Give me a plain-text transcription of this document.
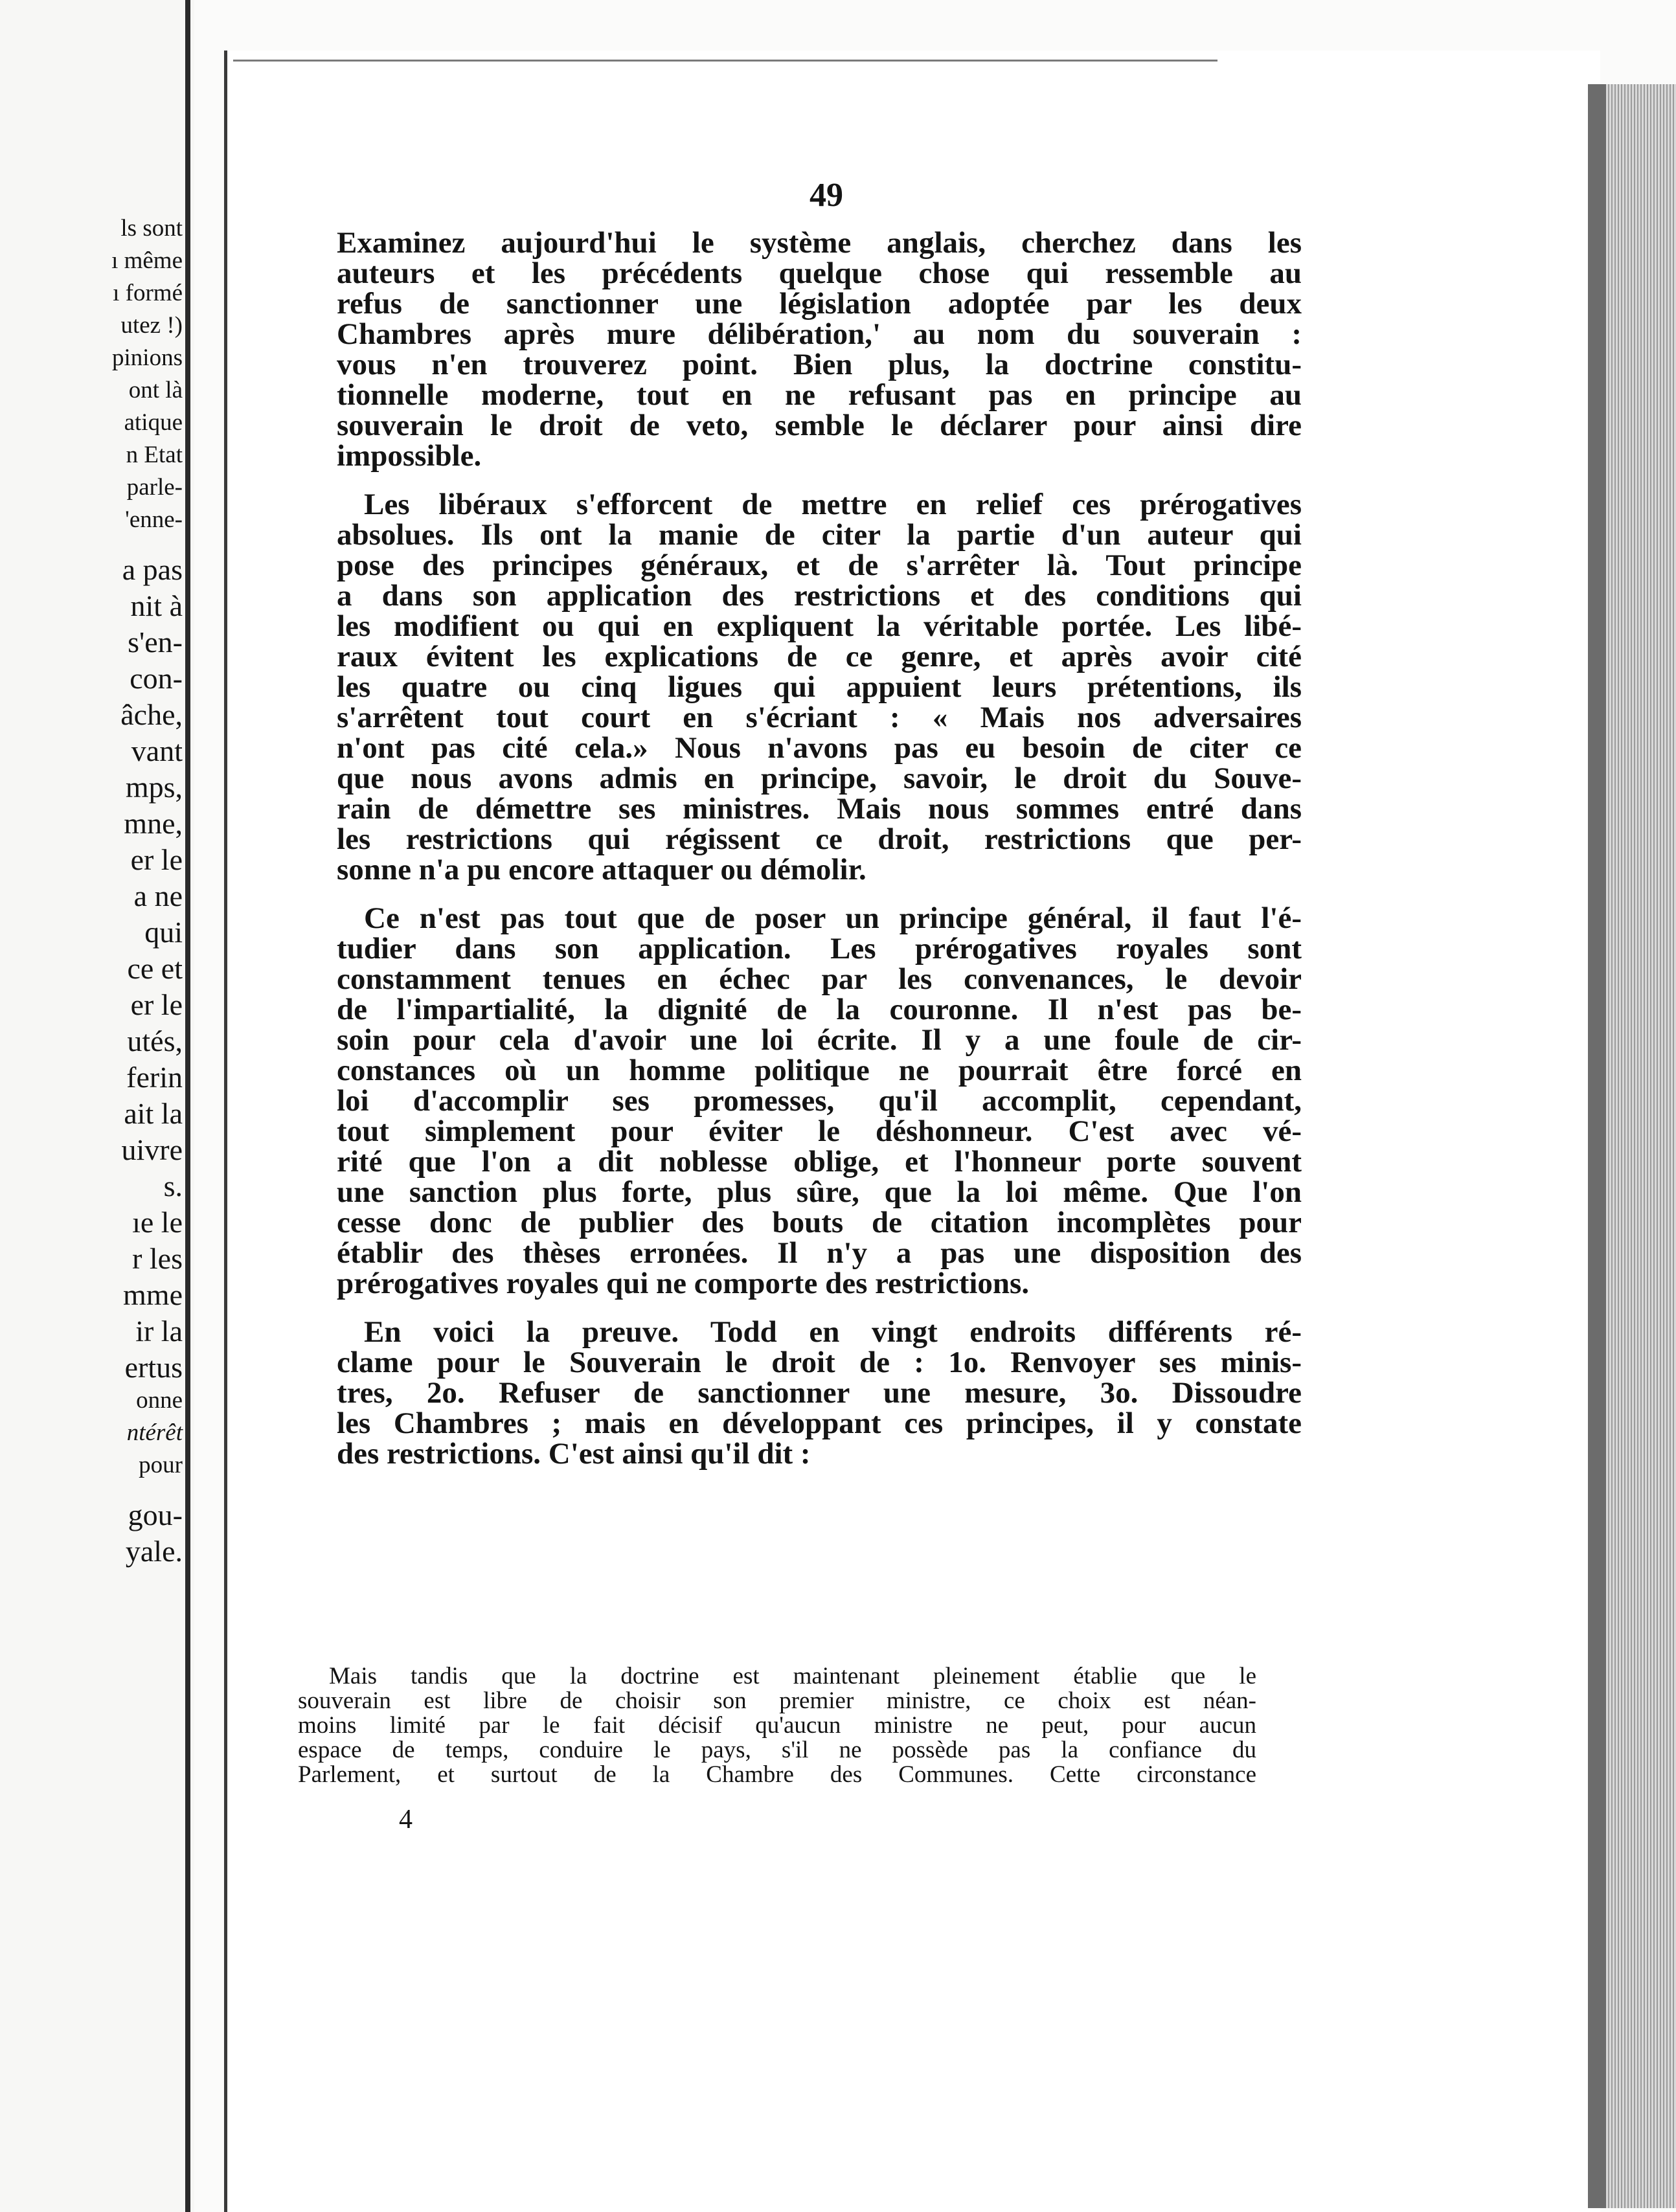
ls sont
ı même
ı formé
utez !)
pinions
ont là
atique
n Etat
parle-
'enne-
a pas
nit à
s'en-
con-
âche,
vant
mps,
mne,
er le
a ne
qui
ce et
er le
utés,
ferin
ait la
uivre
s.
ıe le
r les
mme
ir la
ertus
onne
ntérêt
pour
gou-
yale.
49

Examinez aujourd'hui le système anglais, cherchez dans les
auteurs et les précédents quelque chose qui ressemble au
refus de sanctionner une législation adoptée par les deux
Chambres après mure délibération,' au nom du souverain :
vous n'en trouverez point. Bien plus, la doctrine constitu-
tionnelle moderne, tout en ne refusant pas en principe au
souverain le droit de veto, semble le déclarer pour ainsi dire
impossible.

Les libéraux s'efforcent de mettre en relief ces prérogatives
absolues. Ils ont la manie de citer la partie d'un auteur qui
pose des principes généraux, et de s'arrêter là. Tout principe
a dans son application des restrictions et des conditions qui
les modifient ou qui en expliquent la véritable portée. Les libé-
raux évitent les explications de ce genre, et après avoir cité
les quatre ou cinq ligues qui appuient leurs prétentions, ils
s'arrêtent tout court en s'écriant : « Mais nos adversaires
n'ont pas cité cela.» Nous n'avons pas eu besoin de citer ce
que nous avons admis en principe, savoir, le droit du Souve-
rain de démettre ses ministres. Mais nous sommes entré dans
les restrictions qui régissent ce droit, restrictions que per-
sonne n'a pu encore attaquer ou démolir.

Ce n'est pas tout que de poser un principe général, il faut l'é-
tudier dans son application. Les prérogatives royales sont
constamment tenues en échec par les convenances, le devoir
de l'impartialité, la dignité de la couronne. Il n'est pas be-
soin pour cela d'avoir une loi écrite. Il y a une foule de cir-
constances où un homme politique ne pourrait être forcé en
loi d'accomplir ses promesses, qu'il accomplit, cependant,
tout simplement pour éviter le déshonneur. C'est avec vé-
rité que l'on a dit noblesse oblige, et l'honneur porte souvent
une sanction plus forte, plus sûre, que la loi même. Que l'on
cesse donc de publier des bouts de citation incomplètes pour
établir des thèses erronées. Il n'y a pas une disposition des
prérogatives royales qui ne comporte des restrictions.

En voici la preuve. Todd en vingt endroits différents ré-
clame pour le Souverain le droit de : 1o. Renvoyer ses minis-
tres, 2o. Refuser de sanctionner une mesure, 3o. Dissoudre
les Chambres ; mais en développant ces principes, il y constate
des restrictions. C'est ainsi qu'il dit :

Mais tandis que la doctrine est maintenant pleinement établie que le
souverain est libre de choisir son premier ministre, ce choix est néan-
moins limité par le fait décisif qu'aucun ministre ne peut, pour aucun
espace de temps, conduire le pays, s'il ne possède pas la confiance du
Parlement, et surtout de la Chambre des Communes. Cette circonstance
4
